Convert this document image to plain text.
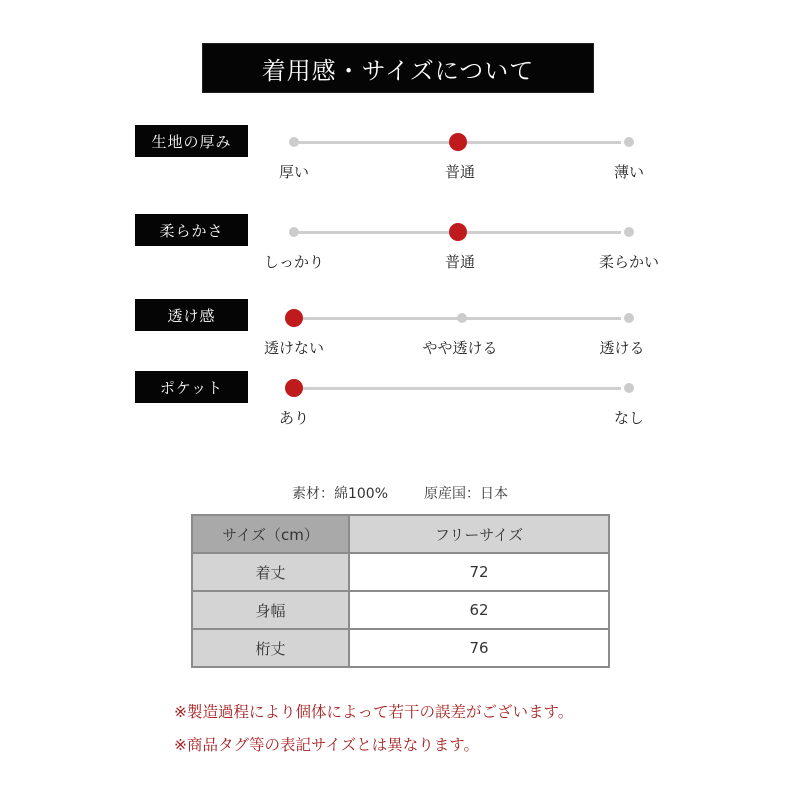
着用感・サイズについて
生地の厚み
厚い	普通	薄い
柔らかさ
しっかり	普通	柔らかい
透け感
透けない	やや透ける	透ける
ポケット
あり	なし
素材：綿100%	原産国：日本
サイズ（cm）	フリーサイズ
着丈	72
身幅	62
桁丈	76
※製造過程により個体によって若干の誤差がございます。
※商品タグ等の表記サイズとは異なります。
